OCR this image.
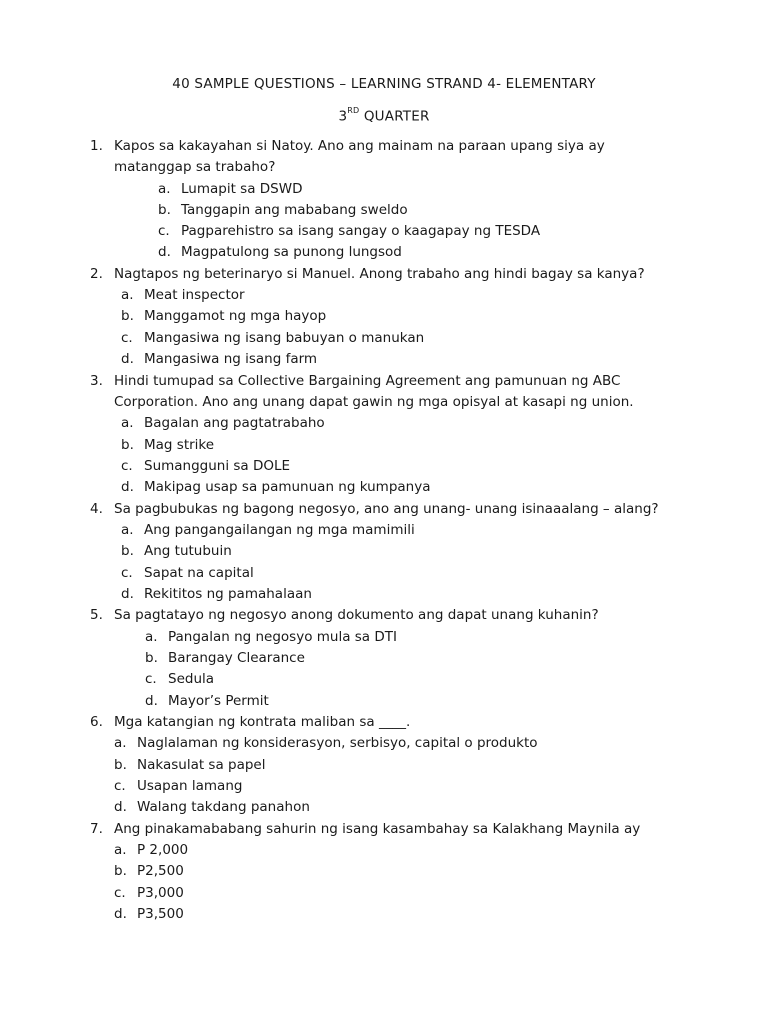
40 SAMPLE QUESTIONS – LEARNING STRAND 4- ELEMENTARY
3RD QUARTER
1. Kapos sa kakayahan si Natoy. Ano ang mainam na paraan upang siya ay
matanggap sa trabaho?
a. Lumapit sa DSWD
b. Tanggapin ang mababang sweldo
c. Pagparehistro sa isang sangay o kaagapay ng TESDA
d. Magpatulong sa punong lungsod
2. Nagtapos ng beterinaryo si Manuel. Anong trabaho ang hindi bagay sa kanya?
a. Meat inspector
b. Manggamot ng mga hayop
c. Mangasiwa ng isang babuyan o manukan
d. Mangasiwa ng isang farm
3. Hindi tumupad sa Collective Bargaining Agreement ang pamunuan ng ABC
Corporation. Ano ang unang dapat gawin ng mga opisyal at kasapi ng union.
a. Bagalan ang pagtatrabaho
b. Mag strike
c. Sumangguni sa DOLE
d. Makipag usap sa pamunuan ng kumpanya
4. Sa pagbubukas ng bagong negosyo, ano ang unang- unang isinaaalang – alang?
a. Ang pangangailangan ng mga mamimili
b. Ang tutubuin
c. Sapat na capital
d. Rekititos ng pamahalaan
5. Sa pagtatayo ng negosyo anong dokumento ang dapat unang kuhanin?
a. Pangalan ng negosyo mula sa DTI
b. Barangay Clearance
c. Sedula
d. Mayor’s Permit
6. Mga katangian ng kontrata maliban sa ____.
a. Naglalaman ng konsiderasyon, serbisyo, capital o produkto
b. Nakasulat sa papel
c. Usapan lamang
d. Walang takdang panahon
7. Ang pinakamababang sahurin ng isang kasambahay sa Kalakhang Maynila ay
a. P 2,000
b. P2,500
c. P3,000
d. P3,500
